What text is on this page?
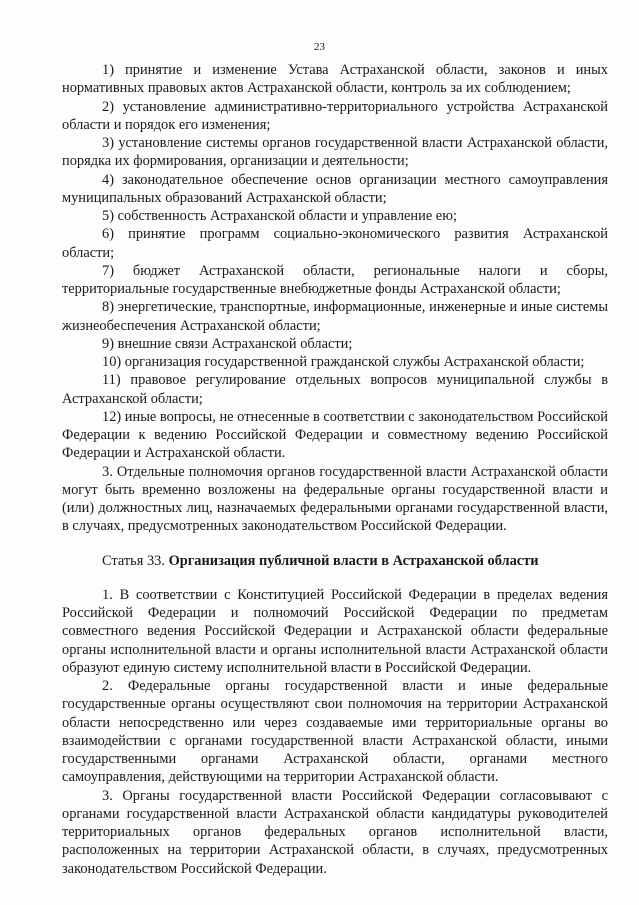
23

1) принятие и изменение Устава Астраханской области, законов и иных нормативных правовых актов Астраханской области, контроль за их соблюдением;

2) установление административно-территориального устройства Астраханской области и порядок его изменения;

3) установление системы органов государственной власти Астраханской области, порядка их формирования, организации и деятельности;

4) законодательное обеспечение основ организации местного самоуправления муниципальных образований Астраханской области;

5) собственность Астраханской области и управление ею;

6) принятие программ социально-экономического развития Астраханской области;

7) бюджет Астраханской области, региональные налоги и сборы, территориальные государственные внебюджетные фонды Астраханской области;

8) энергетические, транспортные, информационные, инженерные и иные системы жизнеобеспечения Астраханской области;

9) внешние связи Астраханской области;

10) организация государственной гражданской службы Астраханской области;

11) правовое регулирование отдельных вопросов муниципальной службы в Астраханской области;

12) иные вопросы, не отнесенные в соответствии с законодательством Российской Федерации к ведению Российской Федерации и совместному ведению Российской Федерации и Астраханской области.

3. Отдельные полномочия органов государственной власти Астраханской области могут быть временно возложены на федеральные органы государственной власти и (или) должностных лиц, назначаемых федеральными органами государственной власти, в случаях, предусмотренных законодательством Российской Федерации.

Статья 33. Организация публичной власти в Астраханской области

1. В соответствии с Конституцией Российской Федерации в пределах ведения Российской Федерации и полномочий Российской Федерации по предметам совместного ведения Российской Федерации и Астраханской области федеральные органы исполнительной власти и органы исполнительной власти Астраханской области образуют единую систему исполнительной власти в Российской Федерации.

2. Федеральные органы государственной власти и иные федеральные государственные органы осуществляют свои полномочия на территории Астраханской области непосредственно или через создаваемые ими территориальные органы во взаимодействии с органами государственной власти Астраханской области, иными государственными органами Астраханской области, органами местного самоуправления, действующими на территории Астраханской области.

3. Органы государственной власти Российской Федерации согласовывают с органами государственной власти Астраханской области кандидатуры руководителей территориальных органов федеральных органов исполнительной власти, расположенных на территории Астраханской области, в случаях, предусмотренных законодательством Российской Федерации.
